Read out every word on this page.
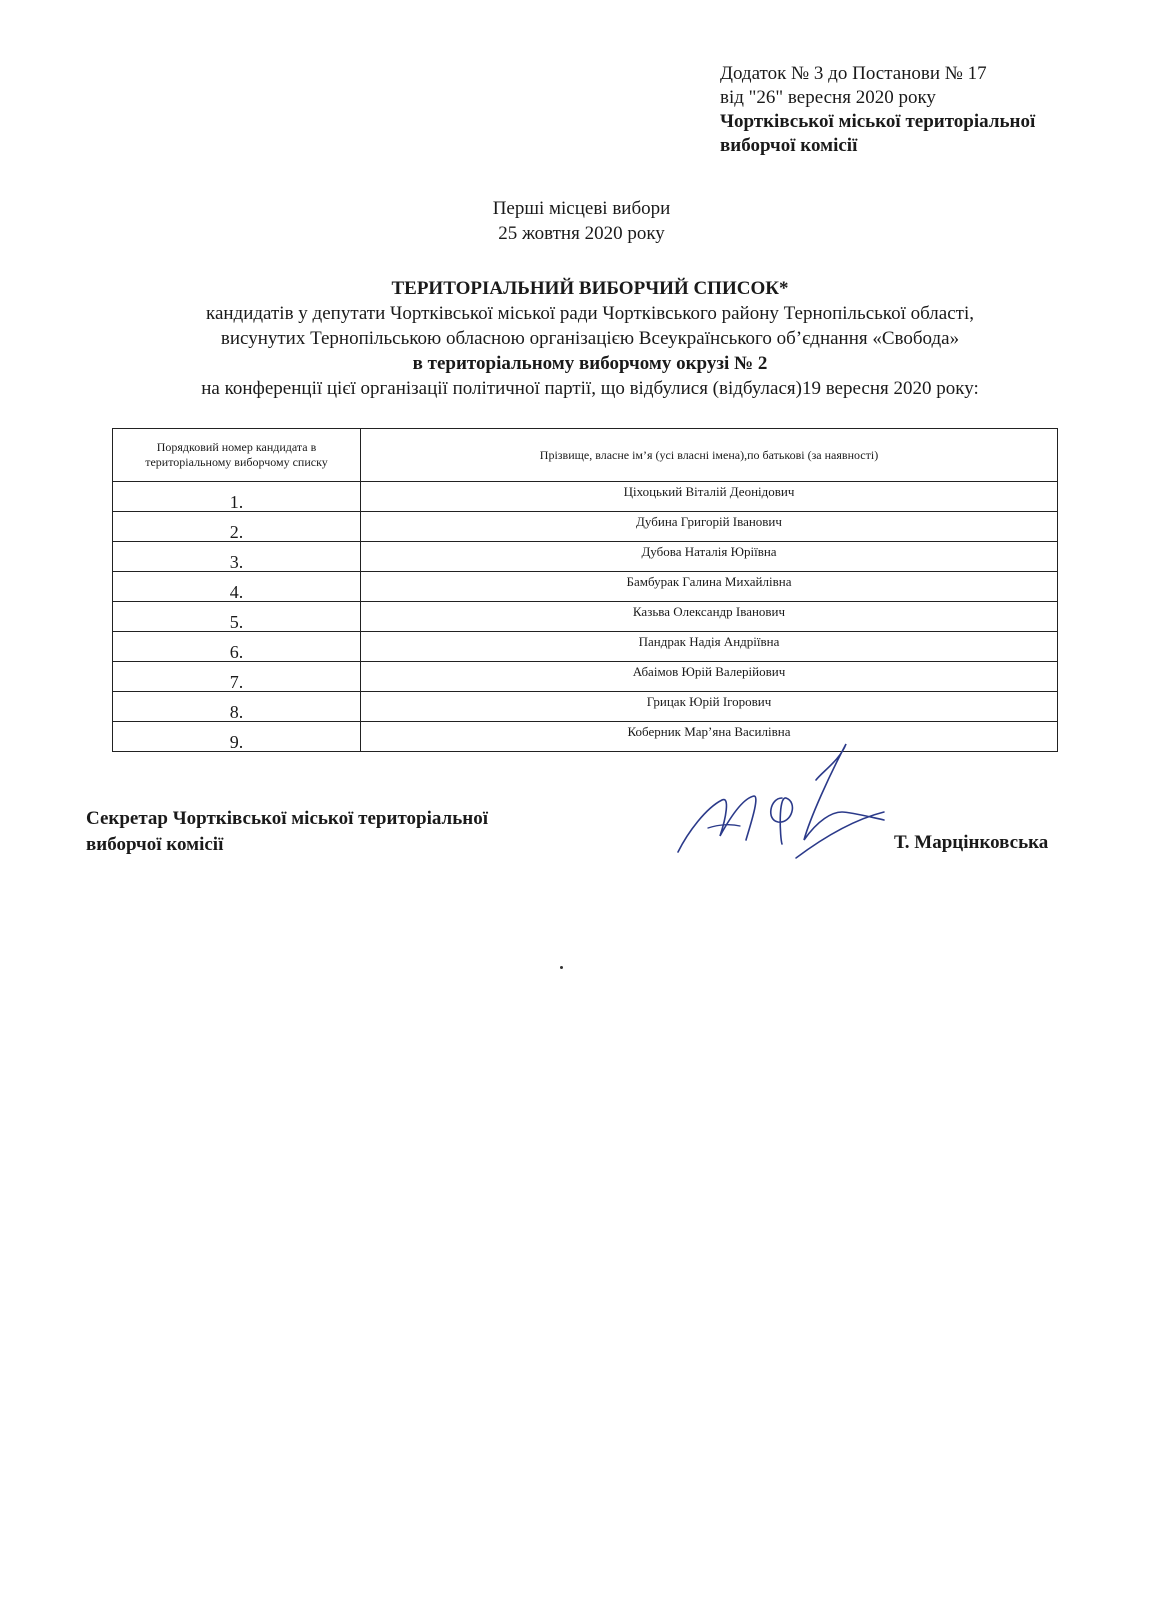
Додаток № 3 до Постанови № 17
від "26" вересня 2020 року
Чортківської міської територіальної
виборчої комісії
Перші місцеві вибори
25 жовтня 2020 року
ТЕРИТОРІАЛЬНИЙ ВИБОРЧИЙ СПИСОК*
кандидатів у депутати Чортківської міської ради Чортківського району Тернопільської області,
висунутих Тернопільською обласною організацією Всеукраїнського об’єднання «Свобода»
в територіальному виборчому окрузі № 2
на конференції цієї організації політичної партії, що відбулися (відбулася)19 вересня 2020 року:
Порядковий номер кандидата в територіальному виборчому списку	Прізвище, власне ім’я (усі власні імена),по батькові (за наявності)
1.	Ціхоцький Віталій Деонідович
2.	Дубина Григорій Іванович
3.	Дубова Наталія Юріївна
4.	Бамбурак Галина Михайлівна
5.	Казьва Олександр Іванович
6.	Пандрак Надія Андріївна
7.	Абаімов Юрій Валерійович
8.	Грицак Юрій Ігорович
9.	Коберник Мар’яна Василівна
Секретар Чортківської міської територіальної
виборчої комісії	Т. Марцінковська
